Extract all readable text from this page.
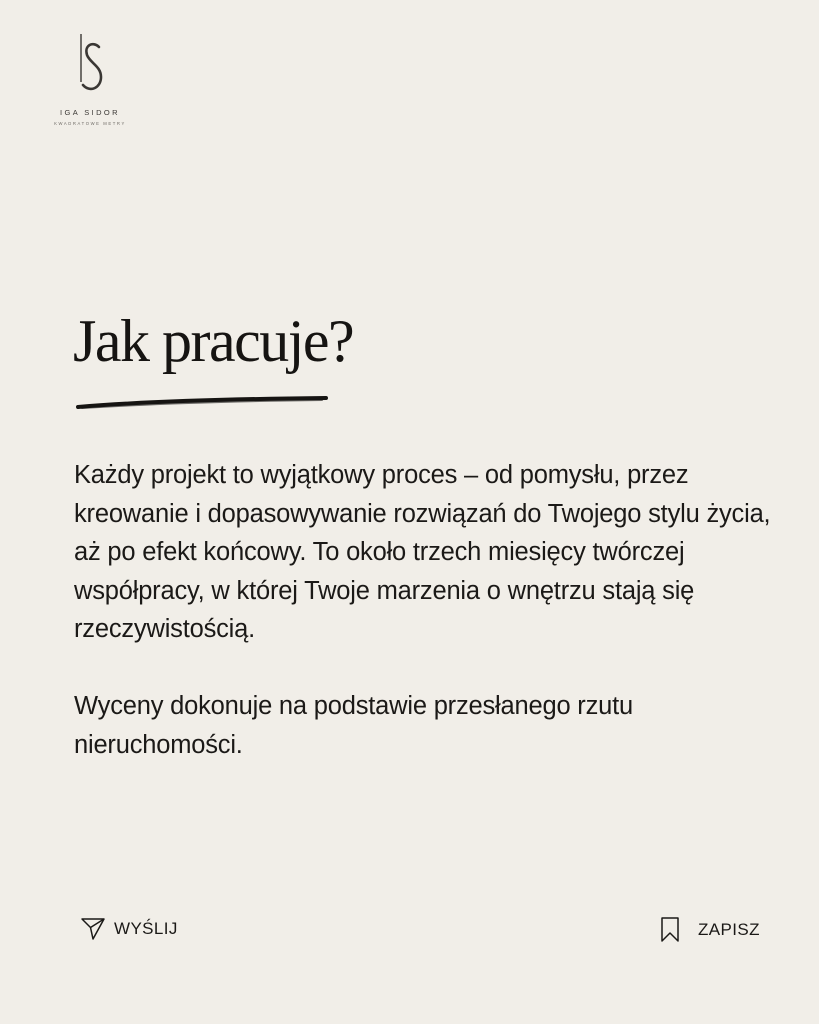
IGA SIDOR
KWADRATOWE METRY
Jak pracuje?

Każdy projekt to wyjątkowy proces – od pomysłu, przez kreowanie i dopasowywanie rozwiązań do Twojego stylu życia, aż po efekt końcowy. To około trzech miesięcy twórczej współpracy, w której Twoje marzenia o wnętrzu stają się rzeczywistością.

Wyceny dokonuje na podstawie przesłanego rzutu nieruchomości.

WYŚLIJ	ZAPISZ
